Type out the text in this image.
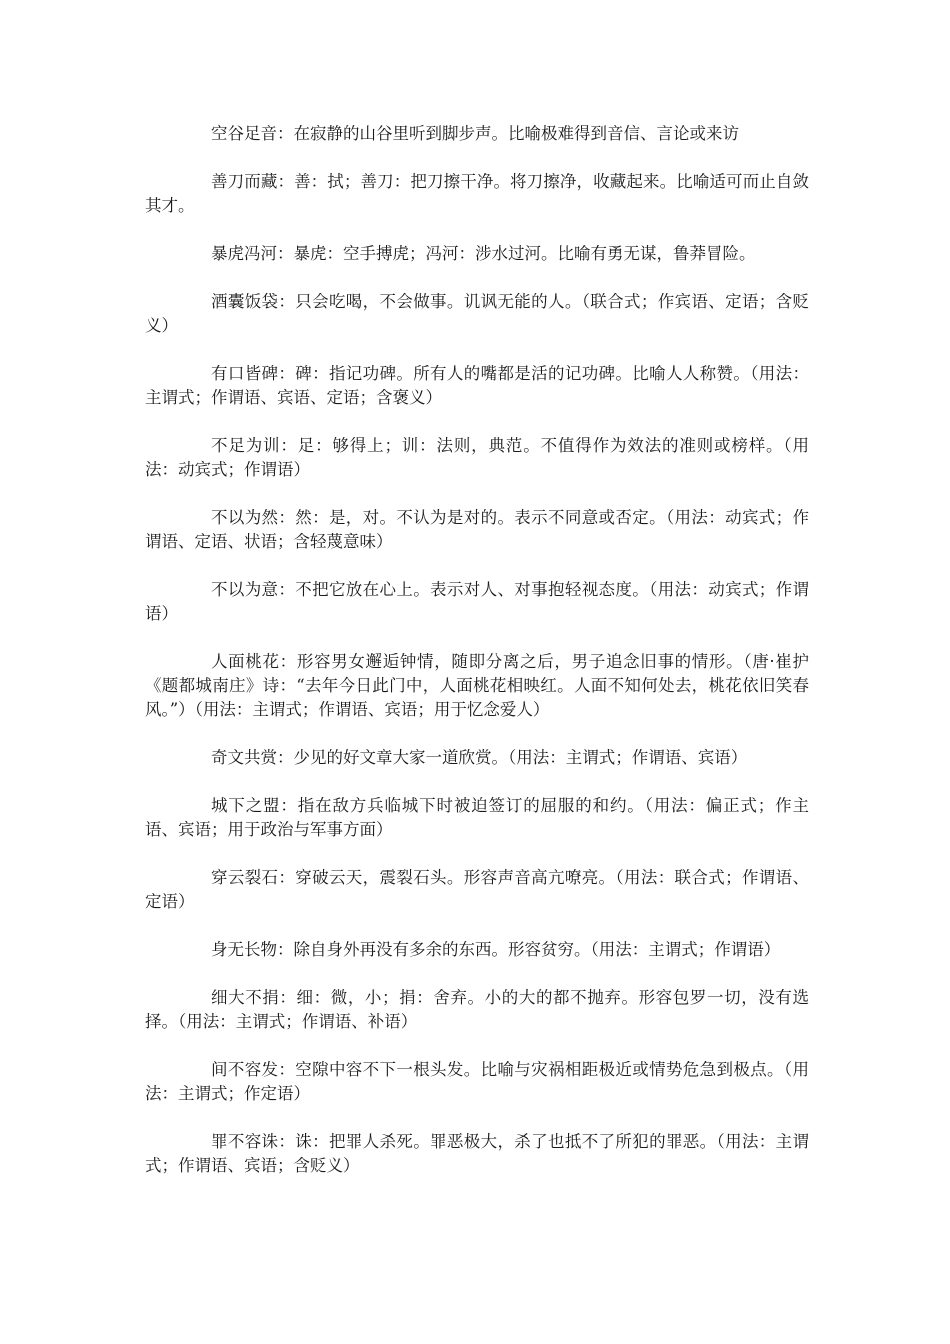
空谷足音：在寂静的山谷里听到脚步声。比喻极难得到音信、言论或来访

善刀而藏：善：拭；善刀：把刀擦干净。将刀擦净，收藏起来。比喻适可而止自敛其才。

暴虎冯河：暴虎：空手搏虎；冯河：涉水过河。比喻有勇无谋，鲁莽冒险。

酒囊饭袋：只会吃喝，不会做事。讥讽无能的人。（联合式；作宾语、定语；含贬义）

有口皆碑：碑：指记功碑。所有人的嘴都是活的记功碑。比喻人人称赞。（用法：主谓式；作谓语、宾语、定语；含褒义）

不足为训：足：够得上；训：法则，典范。不值得作为效法的准则或榜样。（用法：动宾式；作谓语）

不以为然：然：是，对。不认为是对的。表示不同意或否定。（用法：动宾式；作谓语、定语、状语；含轻蔑意味）

不以为意：不把它放在心上。表示对人、对事抱轻视态度。（用法：动宾式；作谓语）

人面桃花：形容男女邂逅钟情，随即分离之后，男子追念旧事的情形。（唐·崔护《题都城南庄》诗：“去年今日此门中，人面桃花相映红。人面不知何处去，桃花依旧笑春风。”）（用法：主谓式；作谓语、宾语；用于忆念爱人）

奇文共赏：少见的好文章大家一道欣赏。（用法：主谓式；作谓语、宾语）

城下之盟：指在敌方兵临城下时被迫签订的屈服的和约。（用法：偏正式；作主语、宾语；用于政治与军事方面）

穿云裂石：穿破云天，震裂石头。形容声音高亢嘹亮。（用法：联合式；作谓语、定语）

身无长物：除自身外再没有多余的东西。形容贫穷。（用法：主谓式；作谓语）

细大不捐：细：微，小；捐：舍弃。小的大的都不抛弃。形容包罗一切，没有选择。（用法：主谓式；作谓语、补语）

间不容发：空隙中容不下一根头发。比喻与灾祸相距极近或情势危急到极点。（用法：主谓式；作定语）

罪不容诛：诛：把罪人杀死。罪恶极大，杀了也抵不了所犯的罪恶。（用法：主谓式；作谓语、宾语；含贬义）
